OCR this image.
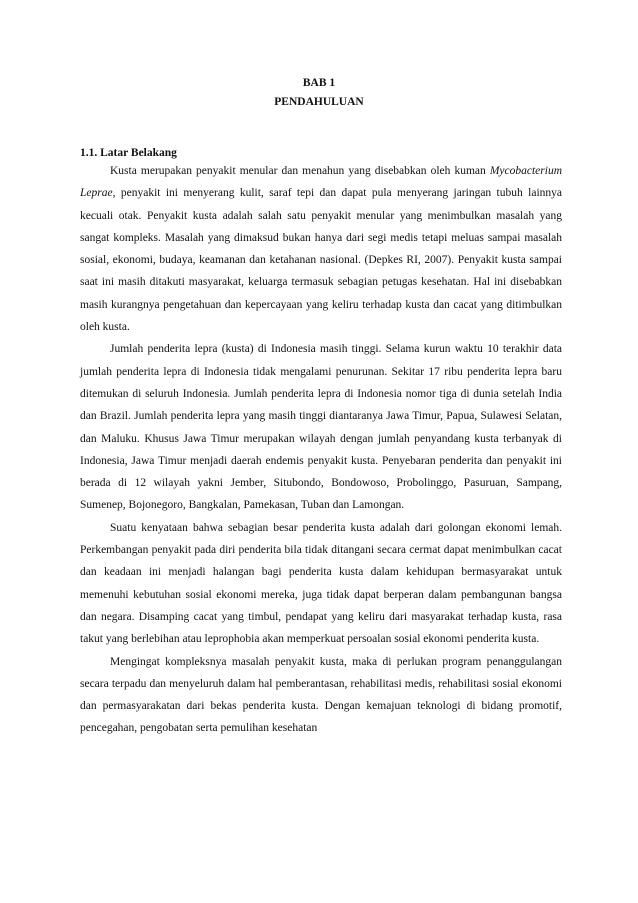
BAB 1

PENDAHULUAN

1.1. Latar Belakang

Kusta merupakan penyakit menular dan menahun yang disebabkan oleh kuman Mycobacterium Leprae, penyakit ini menyerang kulit, saraf tepi dan dapat pula menyerang jaringan tubuh lainnya kecuali otak. Penyakit kusta adalah salah satu penyakit menular yang menimbulkan masalah yang sangat kompleks. Masalah yang dimaksud bukan hanya dari segi medis tetapi meluas sampai masalah sosial, ekonomi, budaya, keamanan dan ketahanan nasional. (Depkes RI, 2007). Penyakit kusta sampai saat ini masih ditakuti masyarakat, keluarga termasuk sebagian petugas kesehatan. Hal ini disebabkan masih kurangnya pengetahuan dan kepercayaan yang keliru terhadap kusta dan cacat yang ditimbulkan oleh kusta.

Jumlah penderita lepra (kusta) di Indonesia masih tinggi. Selama kurun waktu 10 terakhir data jumlah penderita lepra di Indonesia tidak mengalami penurunan. Sekitar 17 ribu penderita lepra baru ditemukan di seluruh Indonesia. Jumlah penderita lepra di Indonesia nomor tiga di dunia setelah India dan Brazil. Jumlah penderita lepra yang masih tinggi diantaranya Jawa Timur, Papua, Sulawesi Selatan, dan Maluku. Khusus Jawa Timur merupakan wilayah dengan jumlah penyandang kusta terbanyak di Indonesia, Jawa Timur menjadi daerah endemis penyakit kusta. Penyebaran penderita dan penyakit ini berada di 12 wilayah yakni Jember, Situbondo, Bondowoso, Probolinggo, Pasuruan, Sampang, Sumenep, Bojonegoro, Bangkalan, Pamekasan, Tuban dan Lamongan.

Suatu kenyataan bahwa sebagian besar penderita kusta adalah dari golongan ekonomi lemah. Perkembangan penyakit pada diri penderita bila tidak ditangani secara cermat dapat menimbulkan cacat dan keadaan ini menjadi halangan bagi penderita kusta dalam kehidupan bermasyarakat untuk memenuhi kebutuhan sosial ekonomi mereka, juga tidak dapat berperan dalam pembangunan bangsa dan negara. Disamping cacat yang timbul, pendapat yang keliru dari masyarakat terhadap kusta, rasa takut yang berlebihan atau leprophobia akan memperkuat persoalan sosial ekonomi penderita kusta.

Mengingat kompleksnya masalah penyakit kusta, maka di perlukan program penanggulangan secara terpadu dan menyeluruh dalam hal pemberantasan, rehabilitasi medis, rehabilitasi sosial ekonomi dan permasyarakatan dari bekas penderita kusta. Dengan kemajuan teknologi di bidang promotif, pencegahan, pengobatan serta pemulihan kesehatan
